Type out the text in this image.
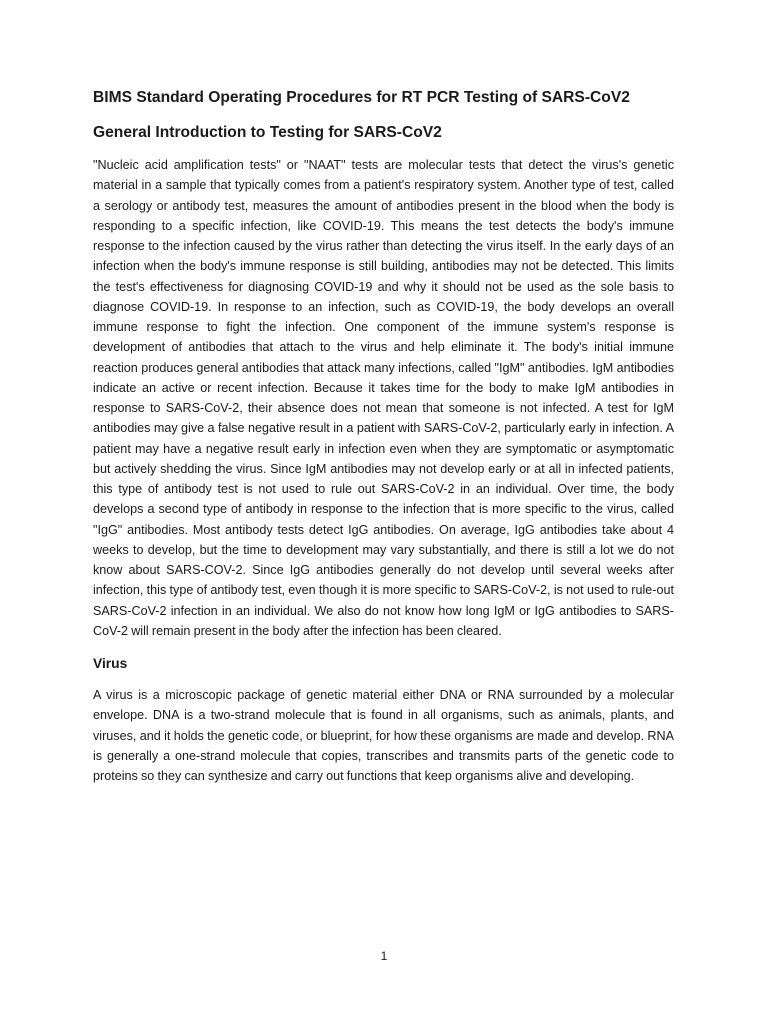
BIMS Standard Operating Procedures for RT PCR Testing of SARS-CoV2
General Introduction to Testing for SARS-CoV2

"Nucleic acid amplification tests" or "NAAT" tests are molecular tests that detect the virus's genetic material in a sample that typically comes from a patient's respiratory system. Another type of test, called a serology or antibody test, measures the amount of antibodies present in the blood when the body is responding to a specific infection, like COVID-19. This means the test detects the body's immune response to the infection caused by the virus rather than detecting the virus itself. In the early days of an infection when the body's immune response is still building, antibodies may not be detected. This limits the test's effectiveness for diagnosing COVID-19 and why it should not be used as the sole basis to diagnose COVID-19. In response to an infection, such as COVID-19, the body develops an overall immune response to fight the infection. One component of the immune system's response is development of antibodies that attach to the virus and help eliminate it. The body's initial immune reaction produces general antibodies that attack many infections, called "IgM" antibodies. IgM antibodies indicate an active or recent infection. Because it takes time for the body to make IgM antibodies in response to SARS-CoV-2, their absence does not mean that someone is not infected. A test for IgM antibodies may give a false negative result in a patient with SARS-CoV-2, particularly early in infection. A patient may have a negative result early in infection even when they are symptomatic or asymptomatic but actively shedding the virus. Since IgM antibodies may not develop early or at all in infected patients, this type of antibody test is not used to rule out SARS-CoV-2 in an individual. Over time, the body develops a second type of antibody in response to the infection that is more specific to the virus, called "IgG" antibodies. Most antibody tests detect IgG antibodies. On average, IgG antibodies take about 4 weeks to develop, but the time to development may vary substantially, and there is still a lot we do not know about SARS-COV-2. Since IgG antibodies generally do not develop until several weeks after infection, this type of antibody test, even though it is more specific to SARS-CoV-2, is not used to rule-out SARS-CoV-2 infection in an individual. We also do not know how long IgM or IgG antibodies to SARS-CoV-2 will remain present in the body after the infection has been cleared.

Virus

A virus is a microscopic package of genetic material either DNA or RNA surrounded by a molecular envelope. DNA is a two-strand molecule that is found in all organisms, such as animals, plants, and viruses, and it holds the genetic code, or blueprint, for how these organisms are made and develop. RNA is generally a one-strand molecule that copies, transcribes and transmits parts of the genetic code to proteins so they can synthesize and carry out functions that keep organisms alive and developing.

1
